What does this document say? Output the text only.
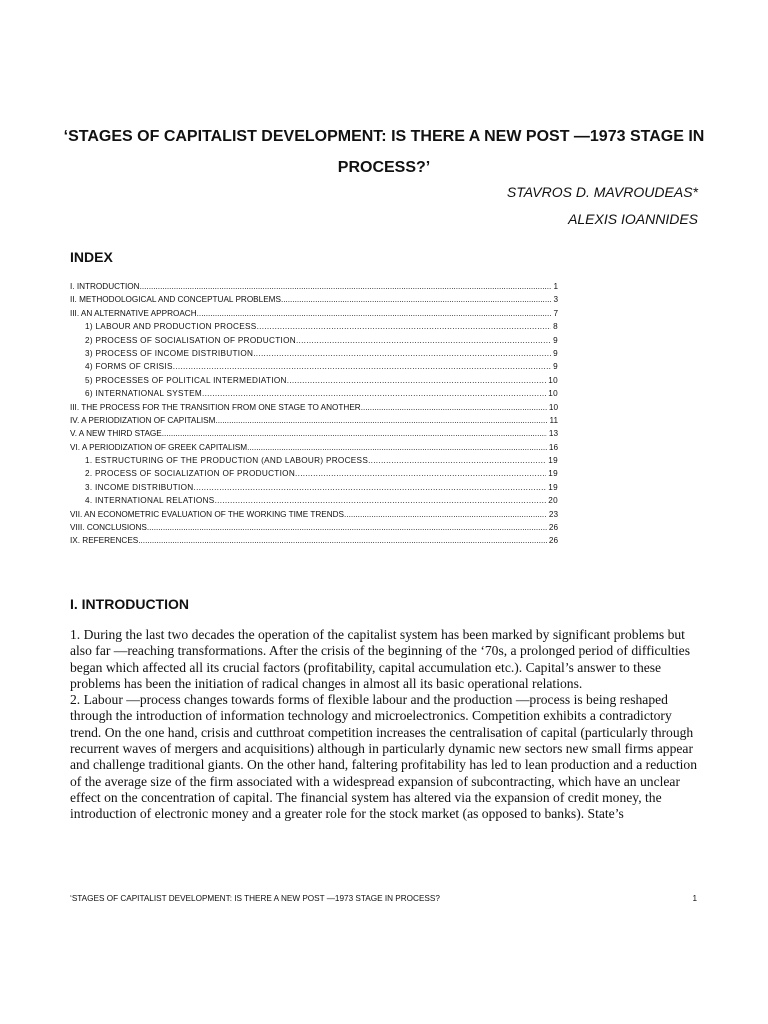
‘STAGES OF CAPITALIST DEVELOPMENT: IS THERE A NEW POST —1973 STAGE IN PROCESS?’

STAVROS D. MAVROUDEAS*

ALEXIS IOANNIDES

INDEX
I. INTRODUCTION .....	1
II. METHODOLOGICAL AND CONCEPTUAL PROBLEMS .....	3
III. AN ALTERNATIVE APPROACH .....	7
1) LABOUR AND PRODUCTION PROCESS .....	8
2) PROCESS OF SOCIALISATION OF PRODUCTION .....	9
3) PROCESS OF INCOME DISTRIBUTION .....	9
4) FORMS OF CRISIS .....	9
5) PROCESSES OF POLITICAL INTERMEDIATION .....	10
6) INTERNATIONAL SYSTEM .....	10
III. THE PROCESS FOR THE TRANSITION FROM ONE STAGE TO ANOTHER .....	10
IV. A PERIODIZATION OF CAPITALISM .....	11
V. A NEW THIRD STAGE .....	13
VI. A PERIODIZATION OF GREEK CAPITALISM .....	16
1. ESTRUCTURING OF THE PRODUCTION (AND LABOUR) PROCESS .....	19
2. PROCESS OF SOCIALIZATION OF PRODUCTION .....	19
3. INCOME DISTRIBUTION .....	19
4. INTERNATIONAL RELATIONS .....	20
VII. AN ECONOMETRIC EVALUATION OF THE WORKING TIME TRENDS .....	23
VIII. CONCLUSIONS .....	26
IX. REFERENCES .....	26
I. INTRODUCTION

1. During the last two decades the operation of the capitalist system has been marked by significant problems but also far —reaching transformations. After the crisis of the beginning of the ‘70s, a prolonged period of difficulties began which affected all its crucial factors (profitability, capital accumulation etc.). Capital’s answer to these problems has been the initiation of radical changes in almost all its basic operational relations.

2. Labour —process changes towards forms of flexible labour and the production —process is being reshaped through the introduction of information technology and microelectronics. Competition exhibits a contradictory trend. On the one hand, crisis and cutthroat competition increases the centralisation of capital (particularly through recurrent waves of mergers and acquisitions) although in particularly dynamic new sectors new small firms appear and challenge traditional giants. On the other hand, faltering profitability has led to lean production and a reduction of the average size of the firm associated with a widespread expansion of subcontracting, which have an unclear effect on the concentration of capital. The financial system has altered via the expansion of credit money, the introduction of electronic money and a greater role for the stock market (as opposed to banks). State’s

‘STAGES OF CAPITALIST DEVELOPMENT: IS THERE A NEW POST —1973 STAGE IN PROCESS?	1
